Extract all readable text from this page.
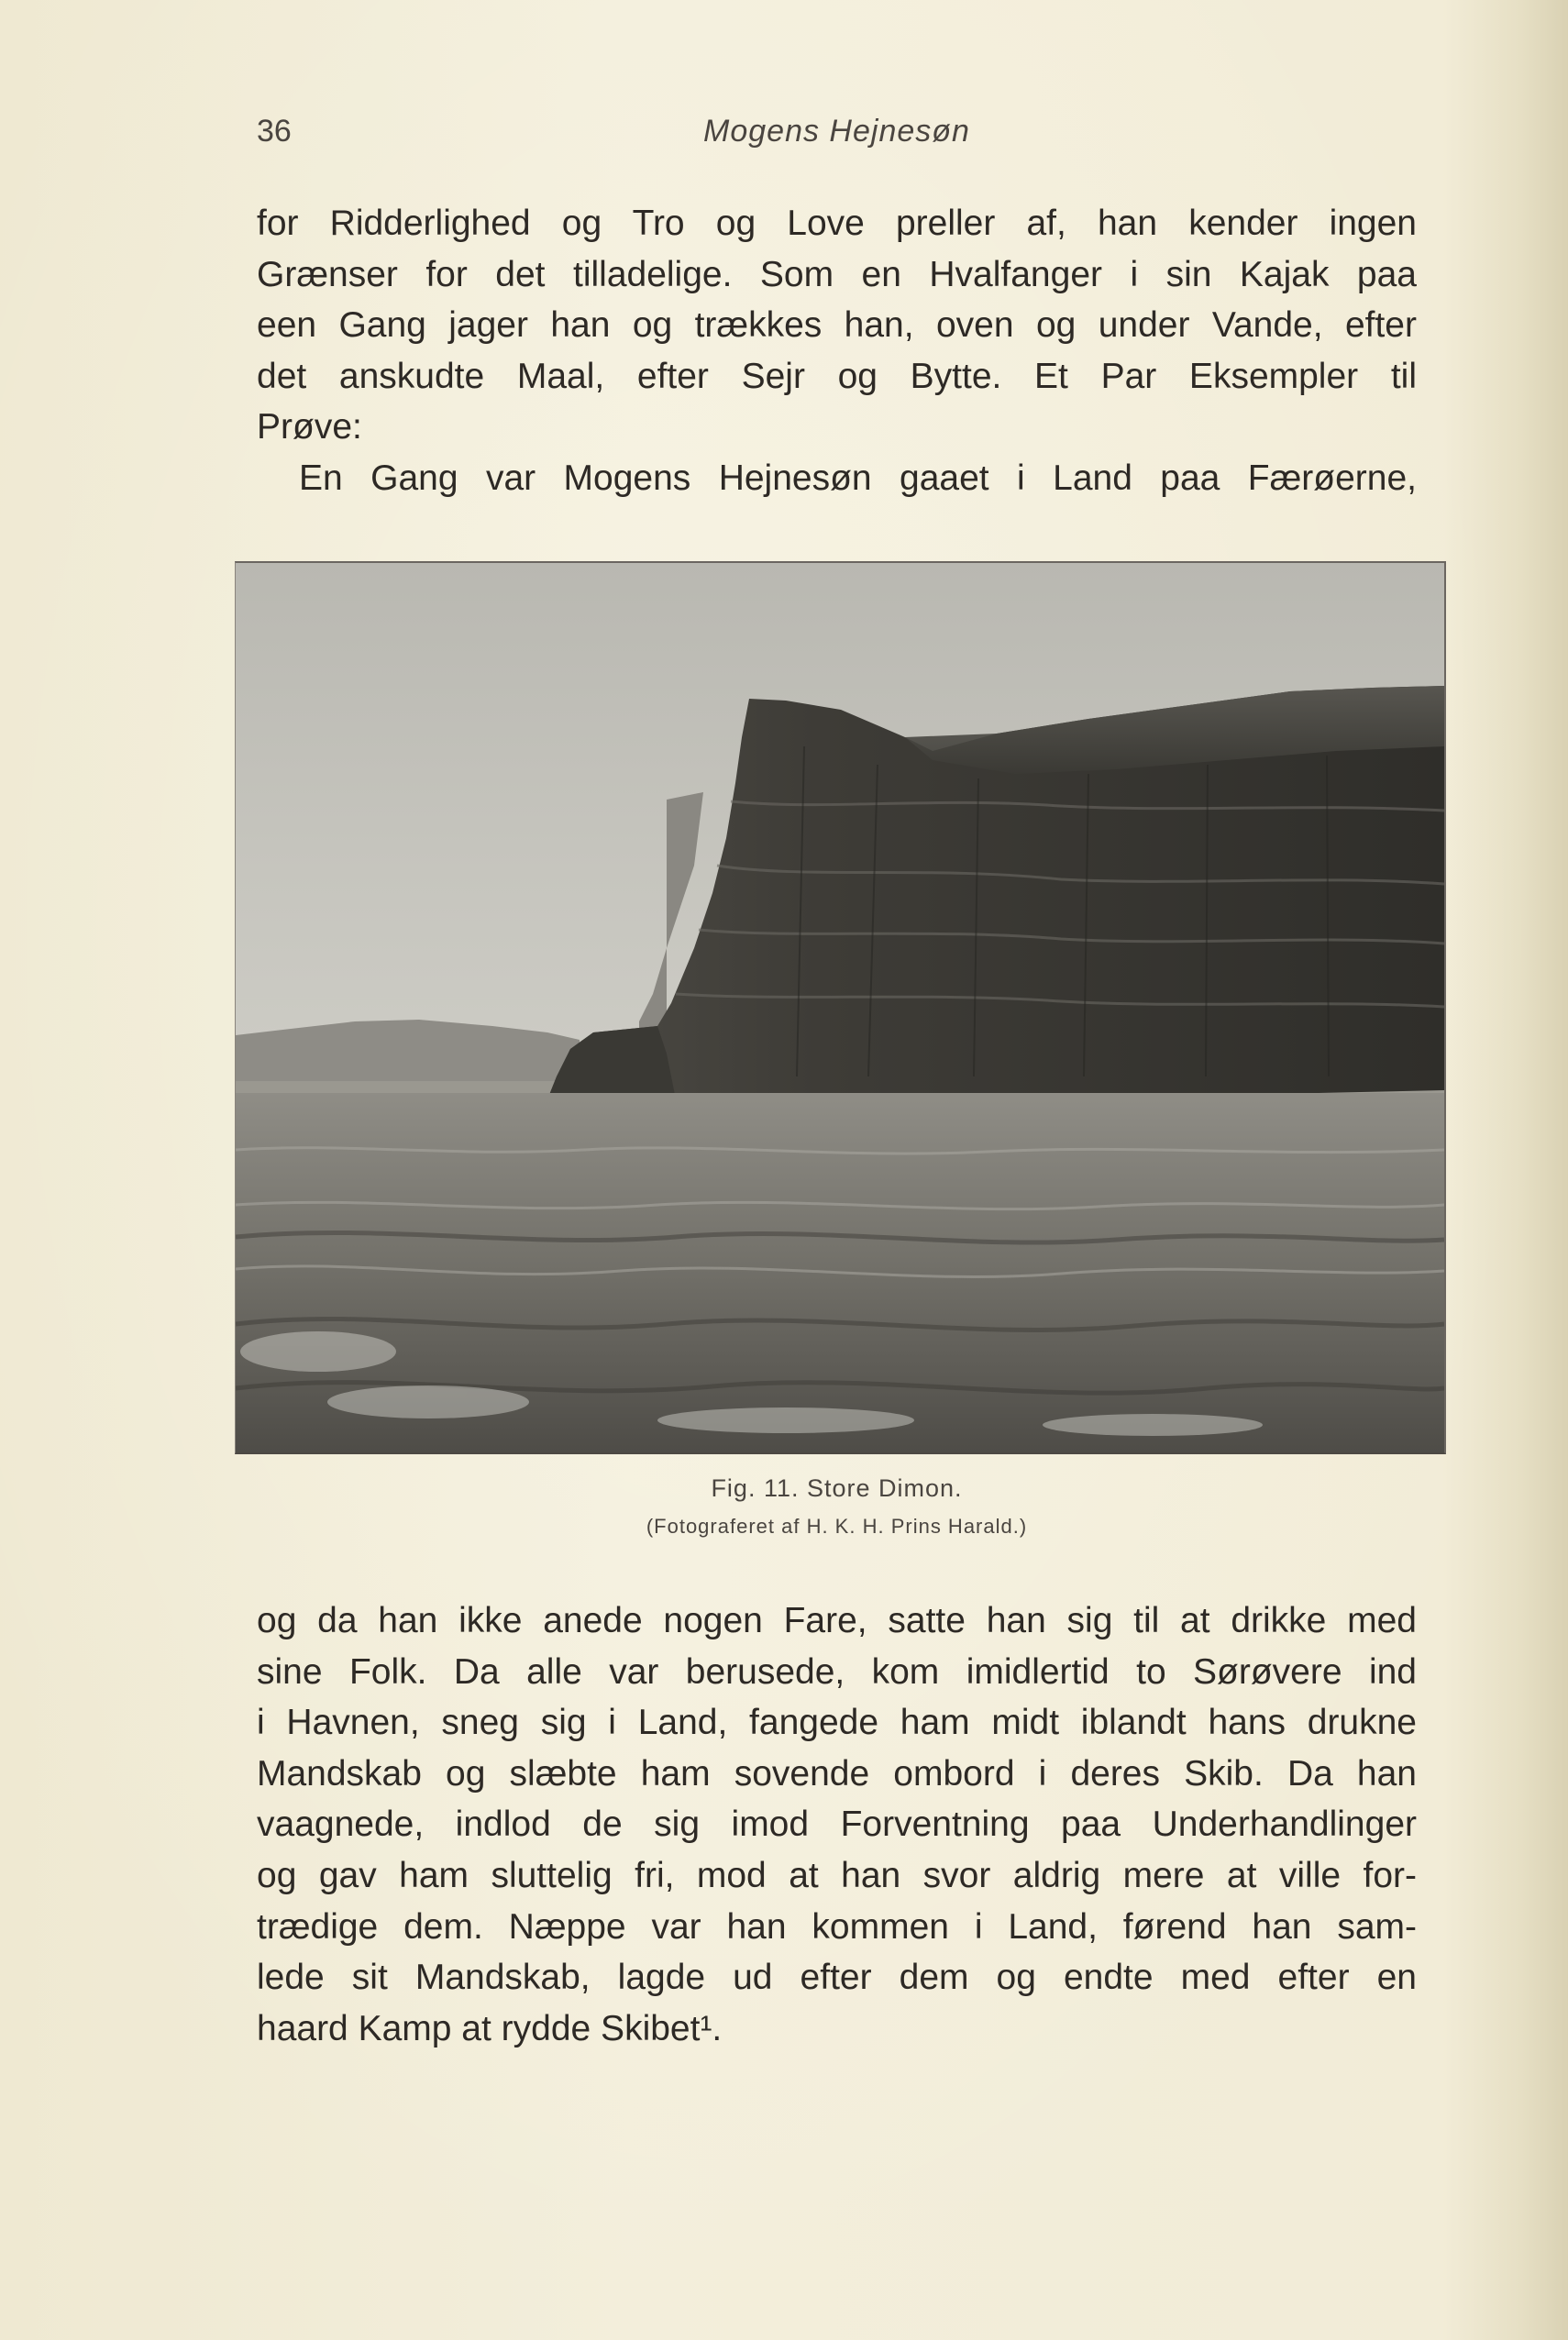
36	Mogens Hejnesøn
for Ridderlighed og Tro og Love preller af, han kender ingen
Grænser for det tilladelige. Som en Hvalfanger i sin Kajak paa
een Gang jager han og trækkes han, oven og under Vande, efter
det anskudte Maal, efter Sejr og Bytte. Et Par Eksempler til
Prøve:
En Gang var Mogens Hejnesøn gaaet i Land paa Færøerne,
Fig. 11. Store Dimon.
(Fotograferet af H. K. H. Prins Harald.)
og da han ikke anede nogen Fare, satte han sig til at drikke med
sine Folk. Da alle var berusede, kom imidlertid to Sørøvere ind
i Havnen, sneg sig i Land, fangede ham midt iblandt hans drukne
Mandskab og slæbte ham sovende ombord i deres Skib. Da han
vaagnede, indlod de sig imod Forventning paa Underhandlinger
og gav ham sluttelig fri, mod at han svor aldrig mere at ville for-
trædige dem. Næppe var han kommen i Land, førend han sam-
lede sit Mandskab, lagde ud efter dem og endte med efter en
haard Kamp at rydde Skibet¹.
